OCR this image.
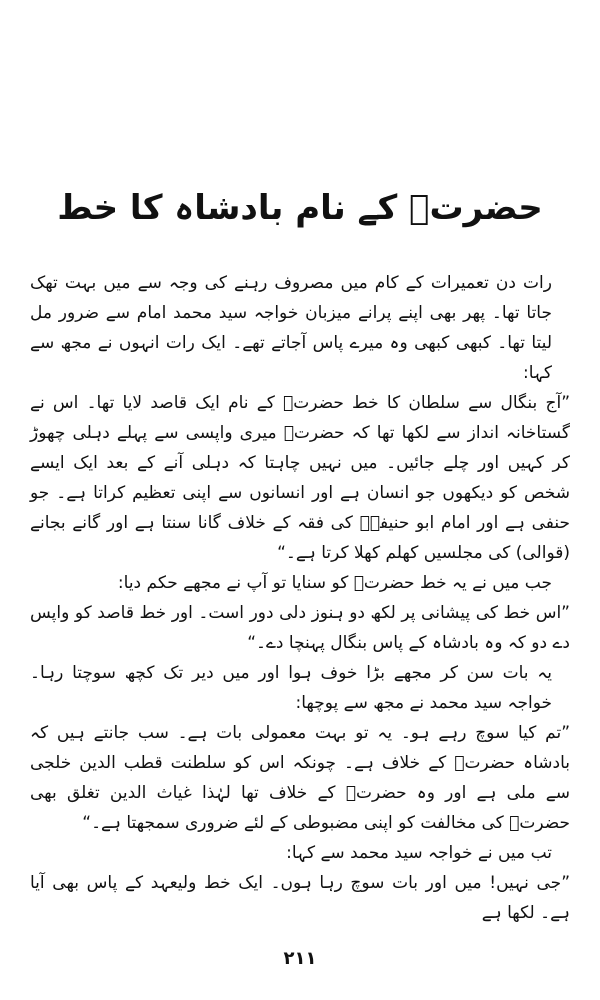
حضرتؒ کے نام بادشاہ کا خط

رات دن تعمیرات کے کام میں مصروف رہنے کی وجہ سے میں بہت تھک جاتا تھا۔ پھر بھی اپنے پرانے میزبان خواجہ سید محمد امام سے ضرور مل لیتا تھا۔ کبھی کبھی وہ میرے پاس آجاتے تھے۔ ایک رات انہوں نے مجھ سے کہا:

”آج بنگال سے سلطان کا خط حضرتؒ کے نام ایک قاصد لایا تھا۔ اس نے گستاخانہ انداز سے لکھا تھا کہ حضرتؒ میری واپسی سے پہلے دہلی چھوڑ کر کہیں اور چلے جائیں۔ میں نہیں چاہتا کہ دہلی آنے کے بعد ایک ایسے شخص کو دیکھوں جو انسان ہے اور انسانوں سے اپنی تعظیم کراتا ہے۔ جو حنفی ہے اور امام ابو حنیفہؒ کی فقہ کے خلاف گانا سنتا ہے اور گانے بجانے (قوالی) کی مجلسیں کھلم کھلا کرتا ہے۔“

جب میں نے یہ خط حضرتؒ کو سنایا تو آپ نے مجھے حکم دیا:

”اس خط کی پیشانی پر لکھ دو ہنوز دلی دور است۔ اور خط قاصد کو واپس دے دو کہ وہ بادشاہ کے پاس بنگال پہنچا دے۔“

یہ بات سن کر مجھے بڑا خوف ہوا اور میں دیر تک کچھ سوچتا رہا۔ خواجہ سید محمد نے مجھ سے پوچھا:

”تم کیا سوچ رہے ہو۔ یہ تو بہت معمولی بات ہے۔ سب جانتے ہیں کہ بادشاہ حضرتؒ کے خلاف ہے۔ چونکہ اس کو سلطنت قطب الدین خلجی سے ملی ہے اور وہ حضرتؒ کے خلاف تھا لہٰذا غیاث الدین تغلق بھی حضرتؒ کی مخالفت کو اپنی مضبوطی کے لئے ضروری سمجھتا ہے۔“

تب میں نے خواجہ سید محمد سے کہا:

”جی نہیں! میں اور بات سوچ رہا ہوں۔ ایک خط ولیعہد کے پاس بھی آیا ہے۔ لکھا ہے

۲۱۱
